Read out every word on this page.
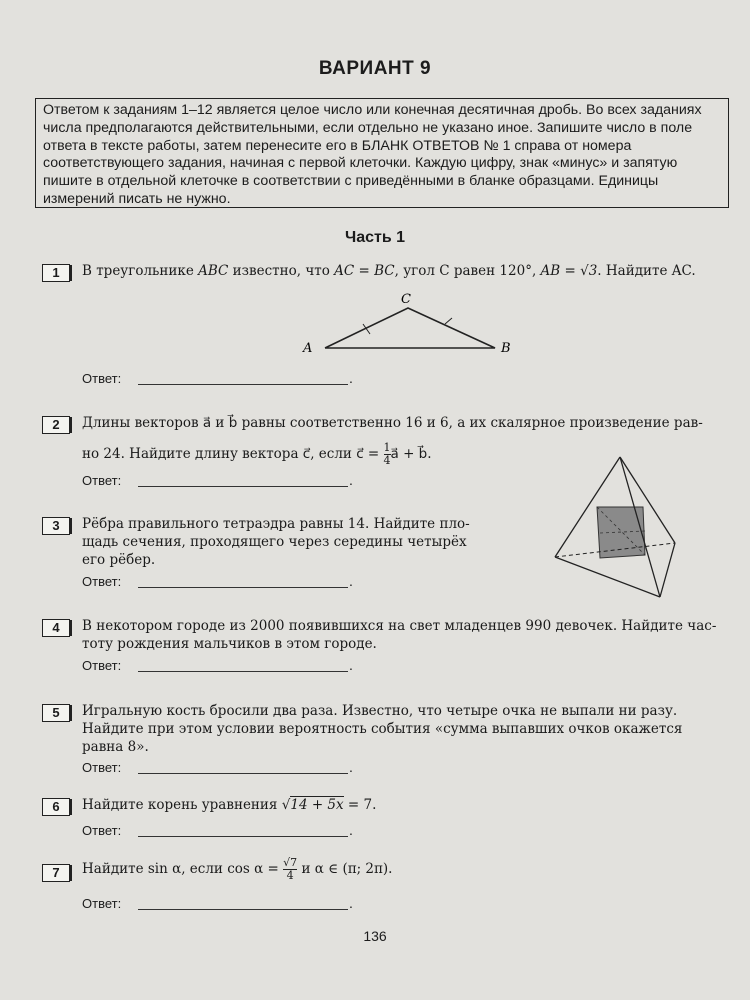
ВАРИАНТ 9
Ответом к заданиям 1–12 является целое число или конечная десятичная дробь. Во всех заданиях числа предполагаются действительными, если отдельно не указано иное. Запишите число в поле ответа в тексте работы, затем перенесите его в БЛАНК ОТВЕТОВ № 1 справа от номера соответствующего задания, начиная с первой клеточки. Каждую цифру, знак «минус» и запятую пишите в отдельной клеточке в соответствии с приведёнными в бланке образцами. Единицы измерений писать не нужно.
Часть 1
1	В треугольнике ABC известно, что AC = BC, угол C равен 120°, AB = √3. Найдите AC.
C
A	B
Ответ:	.
2	Длины векторов a⃗ и b⃗ равны соответственно 16 и 6, а их скалярное произведение рав-
но 24. Найдите длину вектора c⃗, если c⃗ = $\frac{1}{4}$ a⃗ + b⃗.
Ответ:	.
3	Рёбра правильного тетраэдра равны 14. Найдите пло-
щадь сечения, проходящего через середины четырёх
его рёбер.
Ответ:	.
4	В некотором городе из 2000 появившихся на свет младенцев 990 девочек. Найдите час-
тоту рождения мальчиков в этом городе.
Ответ:	.
5	Игральную кость бросили два раза. Известно, что четыре очка не выпали ни разу.
Найдите при этом условии вероятность события «сумма выпавших очков окажется
равна 8».
Ответ:	.
6	Найдите корень уравнения √14 + 5x = 7.
Ответ:	.
7	Найдите sin α, если $\cos \alpha = \frac{√7}{4}$ и α ∈ (π; 2π).
Ответ:	.
136
